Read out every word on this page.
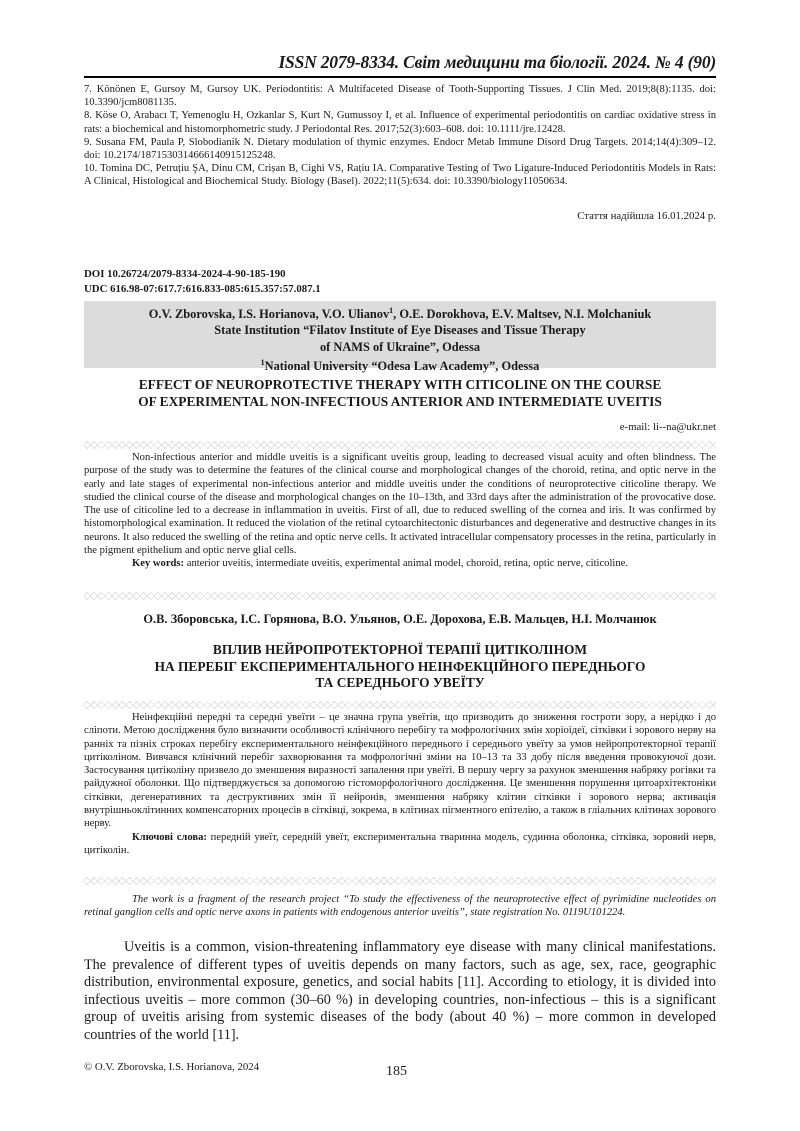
ISSN 2079-8334. Світ медицини та біології. 2024. № 4 (90)

7. Könönen E, Gursoy M, Gursoy UK. Periodontitis: A Multifaceted Disease of Tooth-Supporting Tissues. J Clin Med. 2019;8(8):1135. doi: 10.3390/jcm8081135.

8. Köse O, Arabacı T, Yemenoglu H, Ozkanlar S, Kurt N, Gumussoy I, et al. Influence of experimental periodontitis on cardiac oxidative stress in rats: a biochemical and histomorphometric study. J Periodontal Res. 2017;52(3):603–608. doi: 10.1111/jre.12428.

9. Susana FM, Paula P, Slobodianik N. Dietary modulation of thymic enzymes. Endocr Metab Immune Disord Drug Targets. 2014;14(4):309–12. doi: 10.2174/1871530314666140915125248.

10. Tomina DC, Petruțiu ŞA, Dinu CM, Crișan B, Cighi VS, Rațiu IA. Comparative Testing of Two Ligature-Induced Periodontitis Models in Rats: A Clinical, Histological and Biochemical Study. Biology (Basel). 2022;11(5):634. doi: 10.3390/biology11050634.

Стаття надійшла 16.01.2024 р.
DOI 10.26724/2079-8334-2024-4-90-185-190
UDC 616.98-07:617.7:616.833-085:615.357:57.087.1
O.V. Zborovska, I.S. Horianova, V.O. Ulianov$^1$, O.E. Dorokhova, E.V. Maltsev, N.I. Molchaniuk
State Institution “Filatov Institute of Eye Diseases and Tissue Therapy
of NAMS of Ukraine”, Odessa
$^1$National University “Odesa Law Academy”, Odessa
EFFECT OF NEUROPROTECTIVE THERAPY WITH CITICOLINE ON THE COURSE
OF EXPERIMENTAL NON-INFECTIOUS ANTERIOR AND INTERMEDIATE UVEITIS
e-mail: li--na@ukr.net

Non-infectious anterior and middle uveitis is a significant uveitis group, leading to decreased visual acuity and often blindness. The purpose of the study was to determine the features of the clinical course and morphological changes of the choroid, retina, and optic nerve in the early and late stages of experimental non-infectious anterior and middle uveitis under the conditions of neuroprotective citicoline therapy. We studied the clinical course of the disease and morphological changes on the 10–13th, and 33rd days after the administration of the provocative dose. The use of citicoline led to a decrease in inflammation in uveitis. First of all, due to reduced swelling of the cornea and iris. It was confirmed by histomorphological examination. It reduced the violation of the retinal cytoarchitectonic disturbances and degenerative and destructive changes in its neurons. It also reduced the swelling of the retina and optic nerve cells. It activated intracellular compensatory processes in the retina, particularly in the pigment epithelium and optic nerve glial cells.

Key words: anterior uveitis, intermediate uveitis, experimental animal model, choroid, retina, optic nerve, citicoline.

О.В. Зборовська, І.С. Горянова, В.О. Ульянов, О.Е. Дорохова, Е.В. Мальцев, Н.І. Молчанюк
ВПЛИВ НЕЙРОПРОТЕКТОРНОЇ ТЕРАПІЇ ЦИТІКОЛІНОМ
НА ПЕРЕБІГ ЕКСПЕРИМЕНТАЛЬНОГО НЕІНФЕКЦІЙНОГО ПЕРЕДНЬОГО
ТА СЕРЕДНЬОГО УВЕЇТУ

Неінфекційні передні та середні увеїти – це значна група увеїтів, що призводить до зниження гостроти зору, а нерідко і до сліпоти. Метою дослідження було визначити особливості клінічного перебігу та мофрологічних змін хоріоідеї, сітківки і зорового нерву на ранніх та пізніх строках перебігу експериментального неінфекційного переднього і середнього увеїту за умов нейропротекторної терапії цитіколіном. Вивчався клінічний перебіг захворювання та мофрологічні зміни на 10–13 та 33 добу після введення провокуючої дози. Застосування цитіколіну призвело до зменшення виразності запалення при увеїті. В першу чергу за рахунок зменшення набряку рогівки та райдужної оболонки. Що підтверджується за допомогою гістоморфологічного дослідження. Це зменшення порушення цитоархітектоніки сітківки, дегенеративних та деструктивних змін її нейронів, зменшення набряку клітин сітківки і зорового нерва; активація внутрішньоклітинних компенсаторних процесів в сітківці, зокрема, в клітинах пігментного епітелію, а також в гліальних клітинах зорового нерву.

Ключові слова: передній увеїт, середній увеїт, експериментальна тваринна модель, судинна оболонка, сітківка, зоровий нерв, цитіколін.

The work is a fragment of the research project “To study the effectiveness of the neuroprotective effect of pyrimidine nucleotides on retinal ganglion cells and optic nerve axons in patients with endogenous anterior uveitis”, state registration No. 0119U101224.

Uveitis is a common, vision-threatening inflammatory eye disease with many clinical manifestations. The prevalence of different types of uveitis depends on many factors, such as age, sex, race, geographic distribution, environmental exposure, genetics, and social habits [11]. According to etiology, it is divided into infectious uveitis – more common (30–60 %) in developing countries, non-infectious – this is a significant group of uveitis arising from systemic diseases of the body (about 40 %) – more common in developed countries of the world [11].

© O.V. Zborovska, I.S. Horianova, 2024	185
